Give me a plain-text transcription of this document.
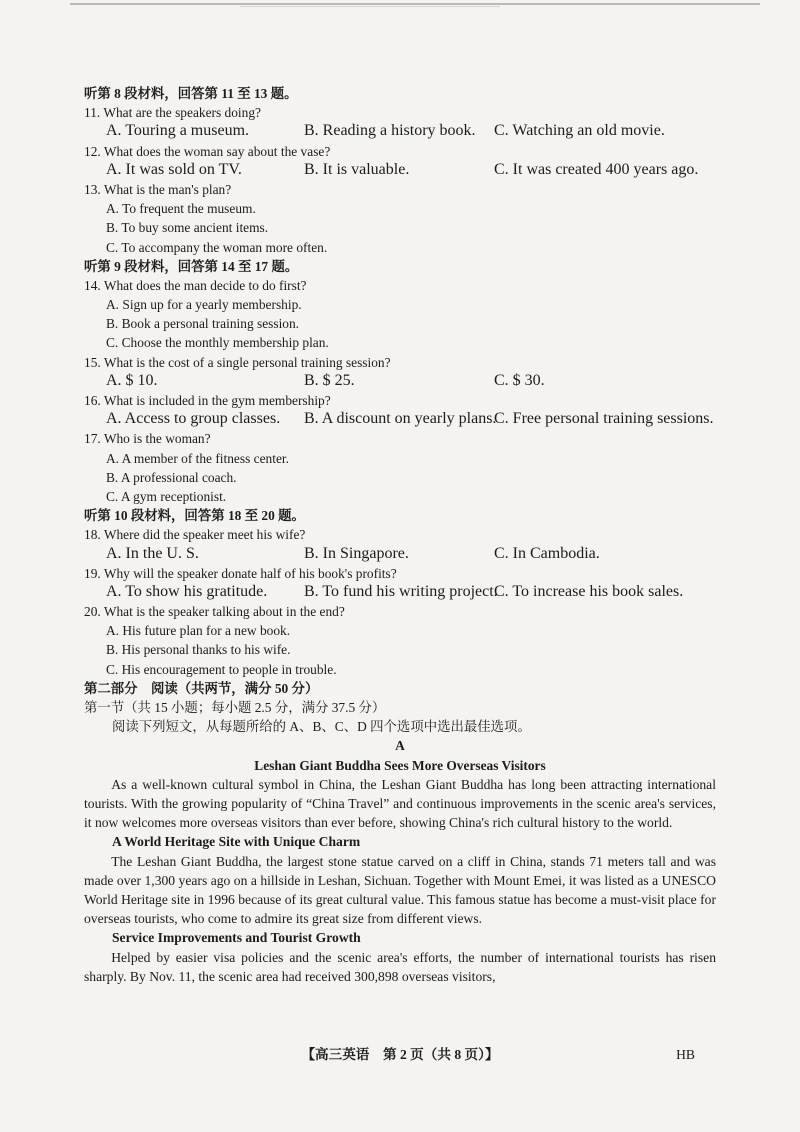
听第 8 段材料，回答第 11 至 13 题。
11. What are the speakers doing?
A. Touring a museum.	B. Reading a history book. C. Watching an old movie.
12. What does the woman say about the vase?
A. It was sold on TV.	B. It is valuable.	C. It was created 400 years ago.
13. What is the man's plan?
A. To frequent the museum.
B. To buy some ancient items.
C. To accompany the woman more often.
听第 9 段材料，回答第 14 至 17 题。
14. What does the man decide to do first?
A. Sign up for a yearly membership.
B. Book a personal training session.
C. Choose the monthly membership plan.
15. What is the cost of a single personal training session?
A. $ 10.	B. $ 25.	C. $ 30.
16. What is included in the gym membership?
A. Access to group classes. B. A discount on yearly plans.
C. Free personal training sessions.
17. Who is the woman?
A. A member of the fitness center.
B. A professional coach.
C. A gym receptionist.
听第 10 段材料，回答第 18 至 20 题。
18. Where did the speaker meet his wife?
A. In the U. S.	B. In Singapore.	C. In Cambodia.
19. Why will the speaker donate half of his book's profits?
A. To show his gratitude. B. To fund his writing project.
C. To increase his book sales.
20. What is the speaker talking about in the end?
A. His future plan for a new book.
B. His personal thanks to his wife.
C. His encouragement to people in trouble.
第二部分　阅读（共两节，满分 50 分）
第一节（共 15 小题；每小题 2.5 分，满分 37.5 分）
阅读下列短文，从每题所给的 A、B、C、D 四个选项中选出最佳选项。
A
Leshan Giant Buddha Sees More Overseas Visitors

As a well-known cultural symbol in China, the Leshan Giant Buddha has long been attracting international tourists. With the growing popularity of “China Travel” and continuous improvements in the scenic area's services, it now welcomes more overseas visitors than ever before, showing China's rich cultural history to the world.

A World Heritage Site with Unique Charm

The Leshan Giant Buddha, the largest stone statue carved on a cliff in China, stands 71 meters tall and was made over 1,300 years ago on a hillside in Leshan, Sichuan. Together with Mount Emei, it was listed as a UNESCO World Heritage site in 1996 because of its great cultural value. This famous statue has become a must-visit place for overseas tourists, who come to admire its great size from different views.

Service Improvements and Tourist Growth

Helped by easier visa policies and the scenic area's efforts, the number of international tourists has risen sharply. By Nov. 11, the scenic area had received 300,898 overseas visitors,

【高三英语　第 2 页（共 8 页）】	HB
